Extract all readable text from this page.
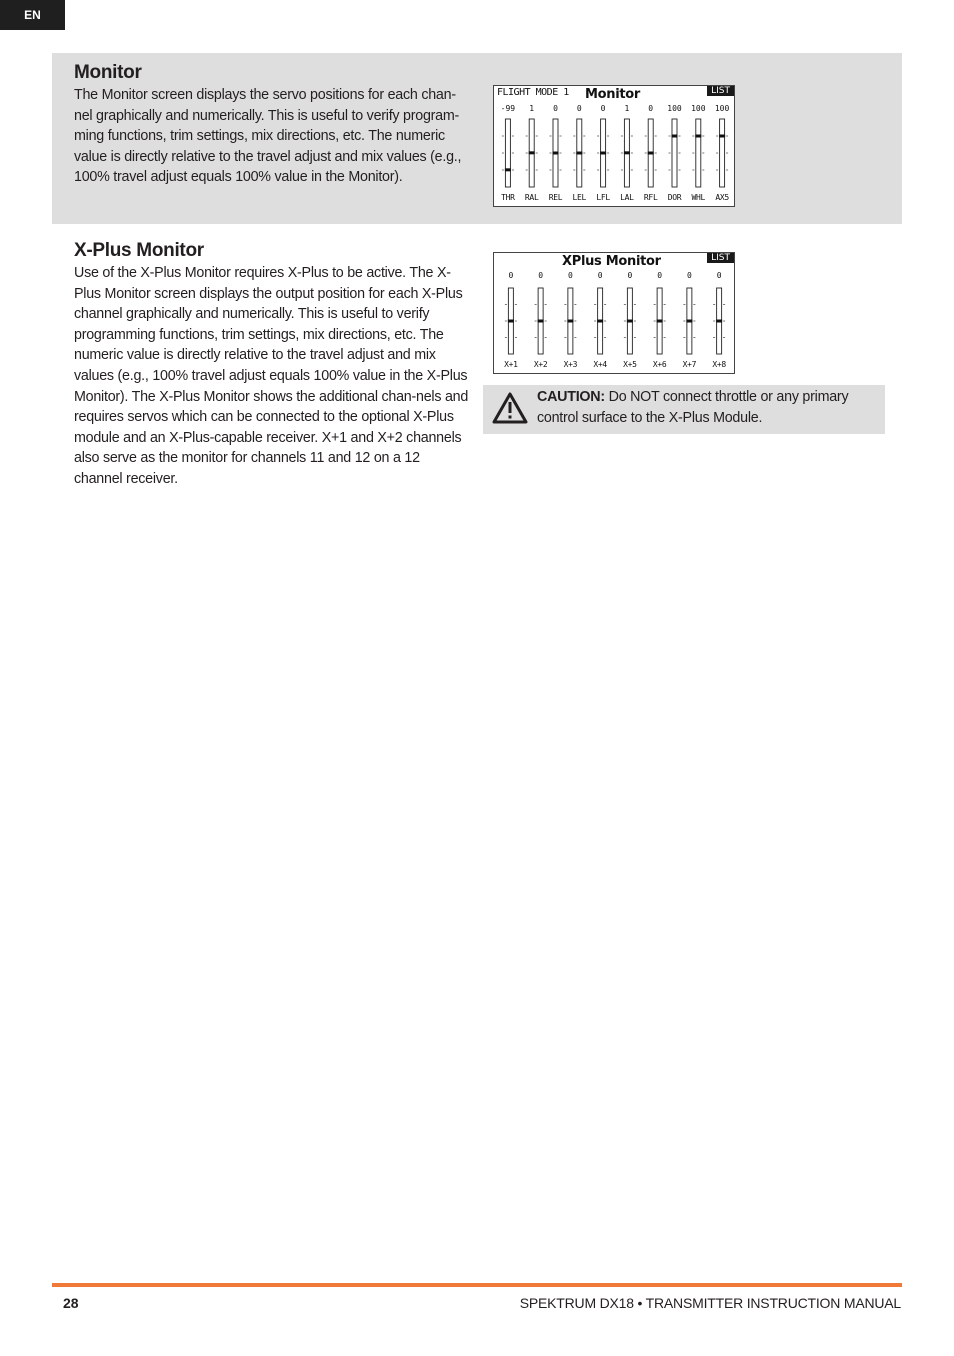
EN
Monitor

The Monitor screen displays the servo positions for each chan-nel graphically and numerically. This is useful to verify program-ming functions, trim settings, mix directions, etc. The numeric value is directly relative to the travel adjust and mix values (e.g., 100% travel adjust equals 100% value in the Monitor).

FLIGHT MODE 1 Monitor	LIST
-99
THR
1
RAL
0
REL
0
LEL
0
LFL
1
LAL
0
RFL
100
DOR
100
WHL
100
AX5
X-Plus Monitor

Use of the X-Plus Monitor requires X-Plus to be active. The X-Plus Monitor screen displays the output position for each X-Plus channel graphically and numerically. This is useful to verify programming functions, trim settings, mix directions, etc. The numeric value is directly relative to the travel adjust and mix values (e.g., 100% travel adjust equals 100% value in the X-Plus Monitor). The X-Plus Monitor shows the additional chan-nels and requires servos which can be connected to the optional X-Plus module and an X-Plus-capable receiver. X+1 and X+2 channels also serve as the monitor for channels 11 and 12 on a 12 channel receiver.

XPlus Monitor	LIST
0
X+1
0
X+2
0
X+3
0
X+4
0
X+5
0
X+6
0
X+7
0
X+8

CAUTION: Do NOT connect throttle or any primary control surface to the X-Plus Module.

28	SPEKTRUM DX18 • TRANSMITTER INSTRUCTION MANUAL
